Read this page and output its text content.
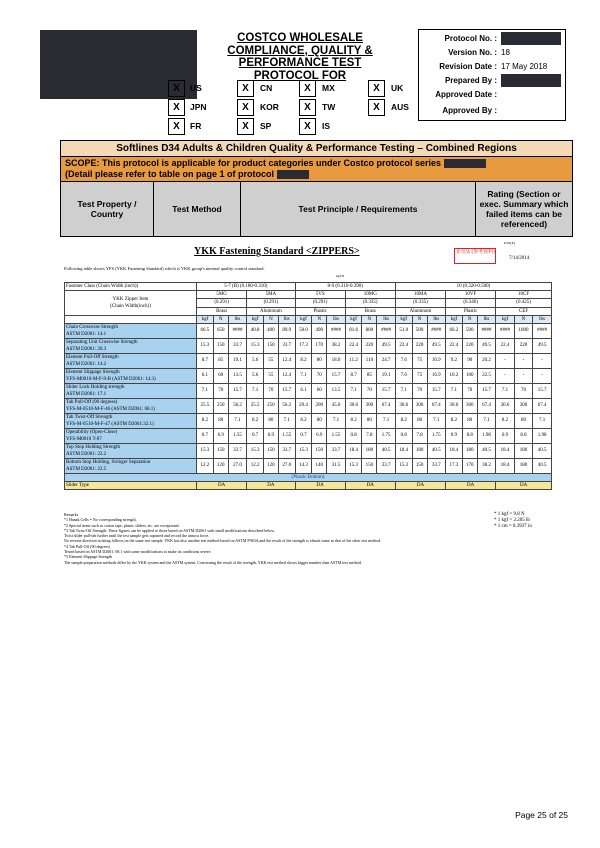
COSTCO WHOLESALE COMPLIANCE, QUALITY & PERFORMANCE TEST PROTOCOL FOR
X	US	X	CN	X	MX	X	UK
X	JPN	X	KOR	X	TW	X	AUS
X	FR	X	SP	X	IS
Protocol No. :
Version No. : 18
Revision Date : 17 May 2018
Prepared By :
Approved Date :
Approved By :
Softlines D34 Adults & Children Quality & Performance Testing – Combined Regions
SCOPE: This protocol is applicable for product categories under Costco protocol series
(Detail please refer to table on page 1 of protocol
Test Property / Country	Test Method	Test Principle / Requirements
Rating (Section or exec. Summary which failed items can be referenced)
P/05(E)
YKK Fastening Standard <ZIPPERS>	非売品 (参考資料)
7/14/2014
Following table shows YFS (YKK Fastening Standard) which is YKK group's internal quality control standard.
kgf/N
Fastener Class (Chain Width (inch))	5-7 (B) (0.180-0.310)						8-9 (0.310-0.390)						10 (0.320-0.500)								

YKK Zipper Item
(Chain Width(inch))	5MG			5MA			5VS			10MG			10MA			10VF			10CF		
	(0.291)			(0.291)			(0.291)			(0.335)			(0.335)			(0.346)			(0.425)		
	Brass			Aluminum			Plastic			Brass			Aluminum			Plastic			CEF		
	kgf	N	lbs	kgf	N	lbs	kgf	N	lbs	kgf	N	lbs	kgf	N	lbs	kgf	N	lbs	kgf	N	lbs

Chain Crosswise Strength
ASTM D2061: 14.1	66.5	650	####	40.8	400	89.9	50.0	490	####	81.6	800	####	51.0	500	####	60.2	590	####	####	1000	####

Separating Unit Crosswise Strength
ASTM D2061: 20.3	15.3	150	33.7	15.3	150	33.7	17.3	170	38.2	22.4	220	49.5	22.4	220	49.5	22.4	220	49.5	22.4	220	49.5

Element Pull-Off Strength
ASTM D2061: 14.2	8.7	85	19.1	5.6	55	12.4	8.2	80	18.0	11.2	110	24.7	7.6	75	16.9	9.2	90	20.2	-	-	-

Element Slippage Strength
YFS-M0010-M-F-9-B (ASTM D2061: 14.3)	6.1	60	13.5	5.6	55	12.4	7.1	70	15.7	8.7	85	19.1	7.6	75	16.9	10.2	100	22.5	-	-	-

Slider Lock Holding strength
ASTM D2061: 17.1	7.1	70	15.7	7.1	70	15.7	6.1	60	13.5	7.1	70	15.7	7.1	70	15.7	7.1	70	15.7	7.1	70	15.7

Tab Pull-Off (90 degrees)
YFS-M-0510-M-F-46 (ASTM D2061: 68.1)	25.5	250	56.2	25.5	250	56.2	20.4	200	45.0	30.6	300	67.4	30.6	300	67.4	30.6	300	67.4	30.6	300	67.4

Tab Twist-Off Strength
YFS-M-0510-M-F-47 (ASTM D2061:32.1)	8.2	80	7.1	8.2	80	7.1	8.2	80	7.1	8.2	80	7.1	8.2	80	7.1	8.2	80	7.1	8.2	80	7.1

Operability (Open-Close)
YFS-M0010 T-07	0.7	6.9	1.55	0.7	6.9	1.55	0.7	6.9	1.55	0.8	7.8	1.75	0.8	7.8	1.75	0.9	8.8	1.98	0.9	8.8	1.98

Top Stop Holding Strength
ASTM D2061: 22.2	15.3	150	33.7	15.3	150	33.7	15.3	150	33.7	18.4	180	40.5	18.4	180	40.5	18.4	180	40.5	18.4	180	40.5

Bottom Stop Holding, Stringer Separation
ASTM D2061: 22.5	12.2	120	27.0	12.2	120	27.0	14.3	140	31.5	15.3	150	33.7	15.3	150	33.7	17.3	170	38.2	18.4	180	40.5
(Plastic Bottom)																					
Slider Type	DA			DA			DA			DA			DA			DA			DA		
Remarks
*1 Hanak Cells = No corresponding strength.
*2 Special items such as cotton tape, plastic sliders, etc. are exceptional.
*3 Tab Twist-Off Strength: These figures can be applied to those based on ASTM D2061 with small modifications described below.
Twist slider pull-tab further until the test sample gets ruptured and record the utmost force.
No reverse direction twisting follows on the same test sample. YKK has also another test method based on ASTM F963A,and the result of the strength is almost same as that of the other test method.
*4 Tab Pull-Off (90 degrees)
Tested based on ASTM D2061: 68.1 with some modifications to make its conditions severe.
*5 Element Slippage Strength
The sample preparation methods differ by the YKK system and the ASTM system. Concerning the result of the strength, YKK test method shows bigger number than ASTM test method.
* 1 kgf = 9.8 N
* 1 kgf = 2.205 lb
* 1 cm = 0.3937 in
Page 25 of 25
